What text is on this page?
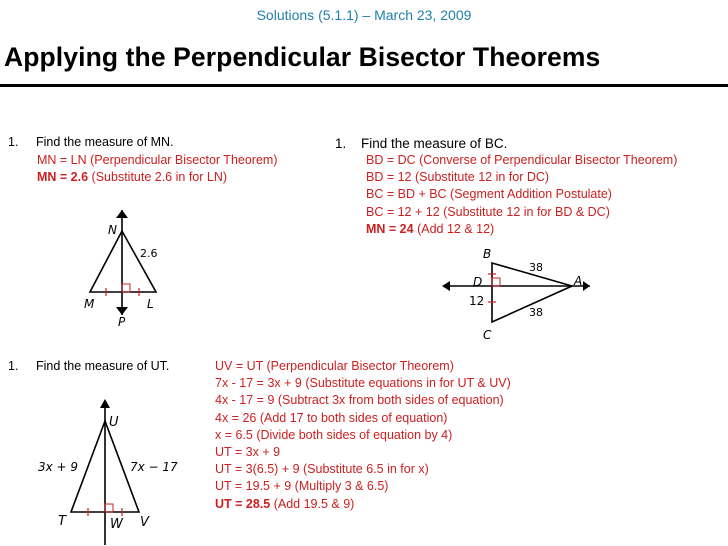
Solutions (5.1.1) – March 23, 2009
Applying the Perpendicular Bisector Theorems
1. Find the measure of MN.
MN = LN (Perpendicular Bisector Theorem)
MN = 2.6 (Substitute 2.6 in for LN)
N
M	L
P
2.6
1. Find the measure of BC.
BD = DC (Converse of Perpendicular Bisector Theorem)
BD = 12 (Substitute 12 in for DC)
BC = BD + BC (Segment Addition Postulate)
BC = 12 + 12 (Substitute 12 in for BD & DC)
MN = 24 (Add 12 & 12)
B
D
C
A
38
38
12
1. Find the measure of UT.	UV = UT (Perpendicular Bisector Theorem)
7x - 17 = 3x + 9 (Substitute equations in for UT & UV)
4x - 17 = 9 (Subtract 3x from both sides of equation)
4x = 26 (Add 17 to both sides of equation)
x = 6.5 (Divide both sides of equation by 4)
UT = 3x + 9
UT = 3(6.5) + 9 (Substitute 6.5 in for x)
UT = 19.5 + 9 (Multiply 3 & 6.5)
UT = 28.5 (Add 19.5 & 9)
U
T	W V
3x + 9	7x − 17
